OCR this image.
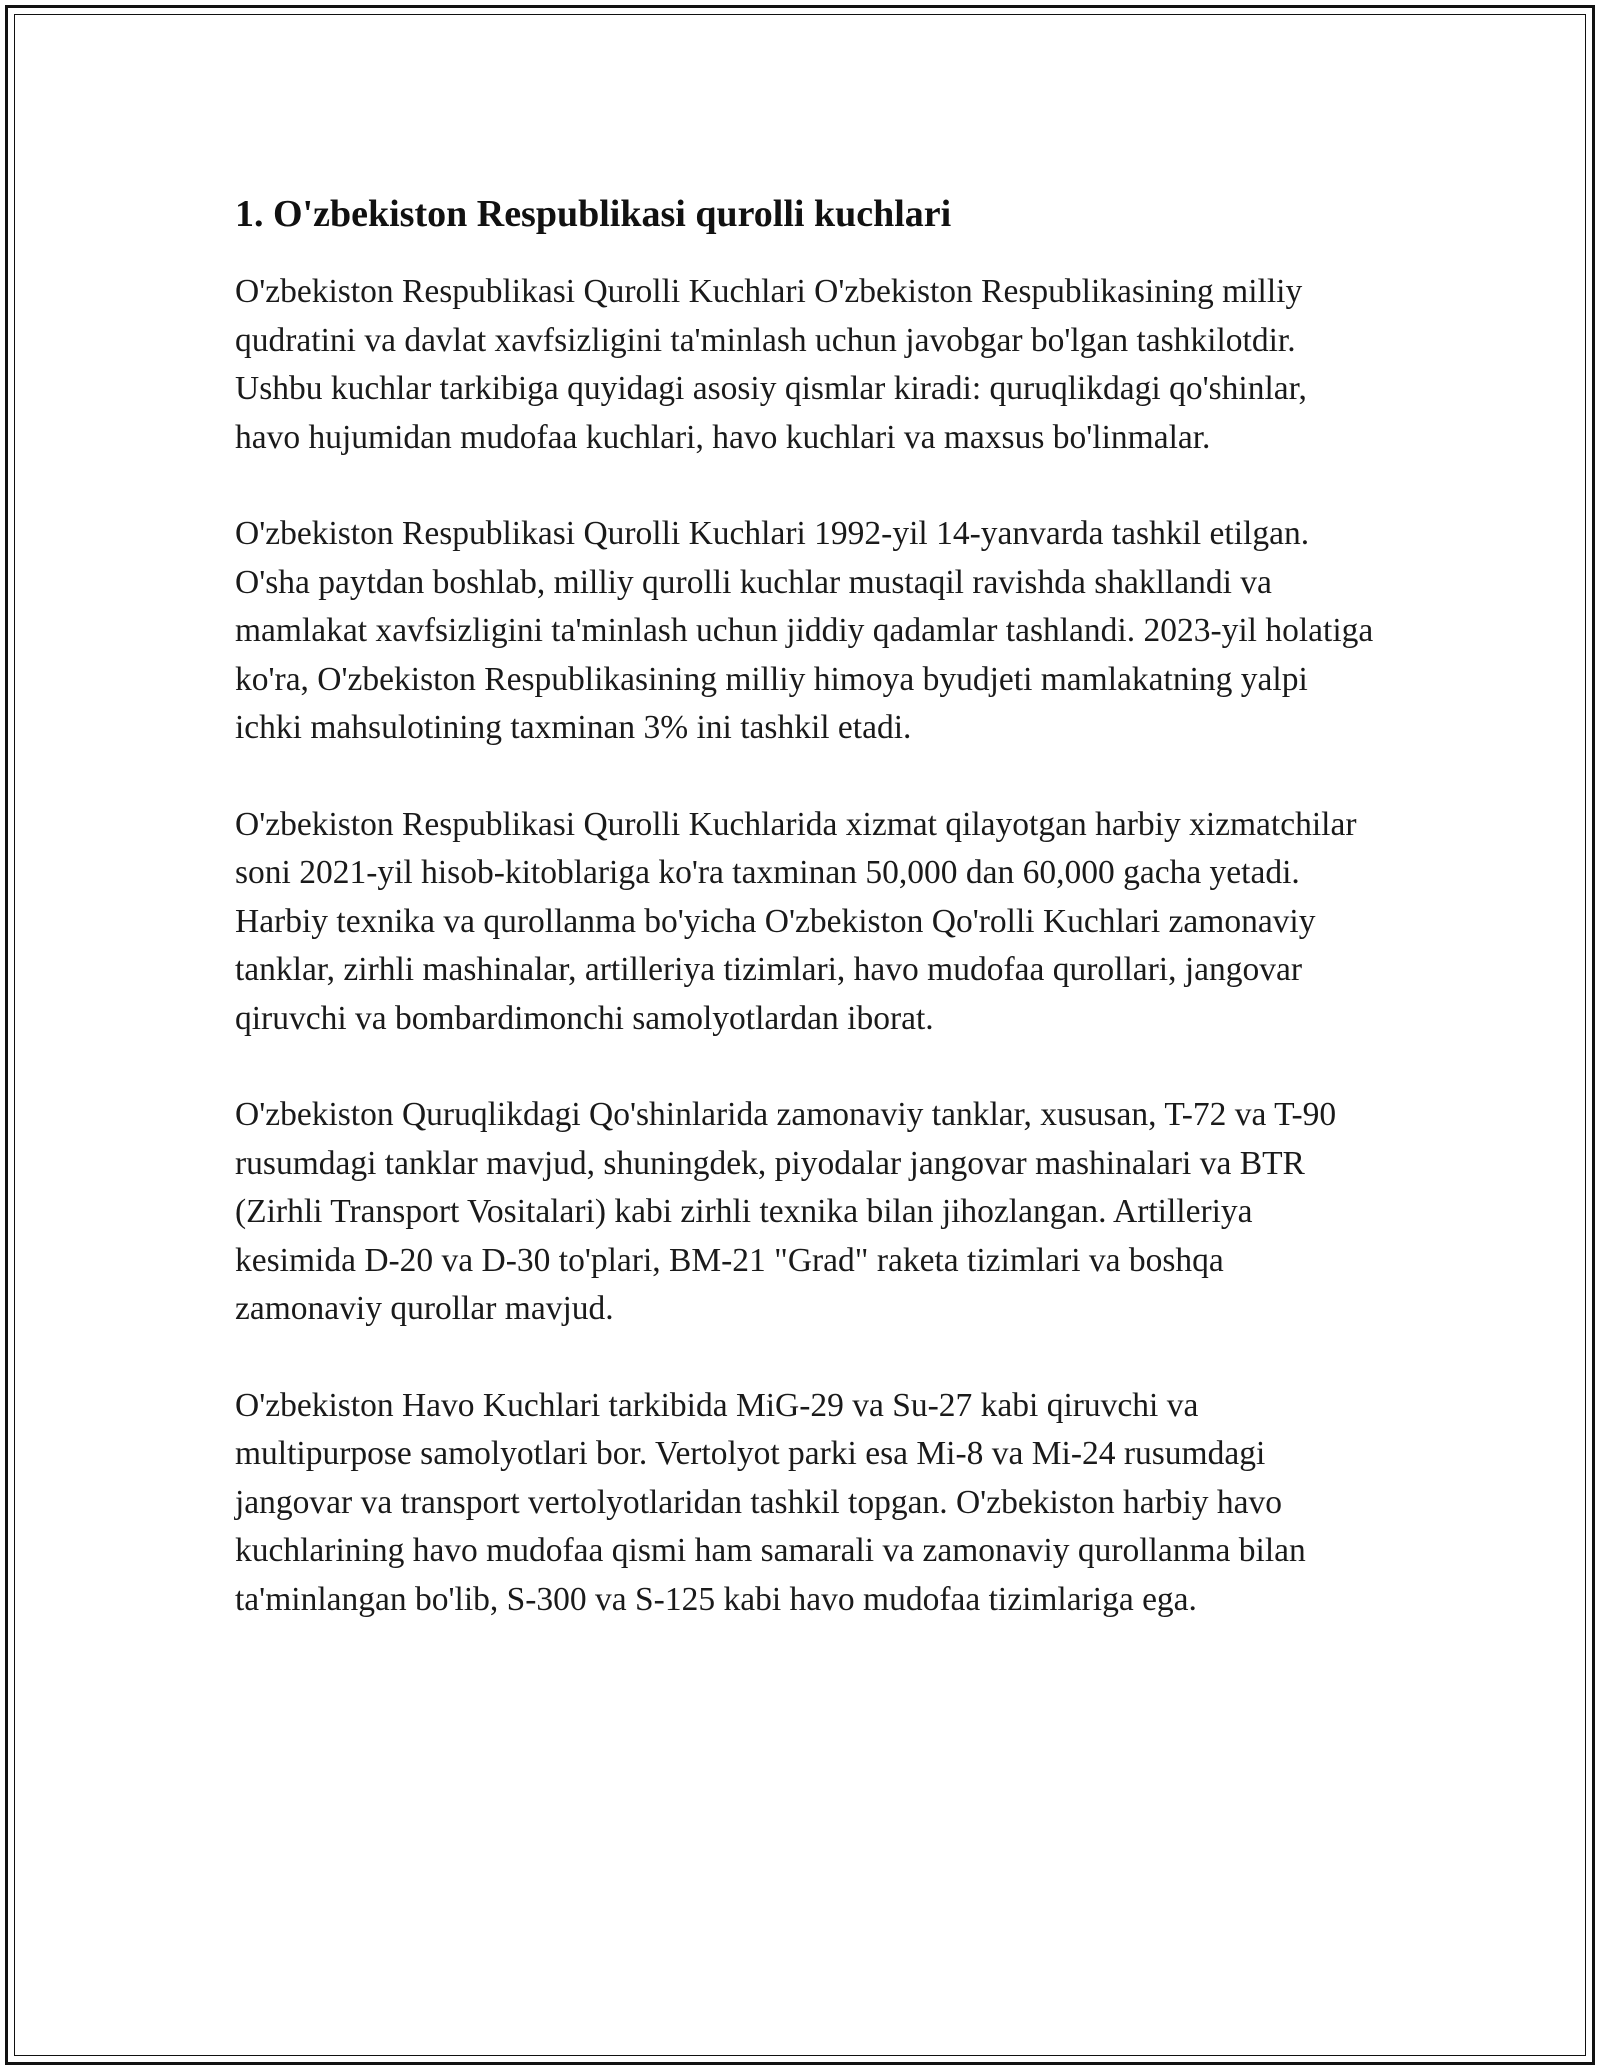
1. O'zbekiston Respublikasi qurolli kuchlari

O'zbekiston Respublikasi Qurolli Kuchlari O'zbekiston Respublikasining milliy qudratini va davlat xavfsizligini ta'minlash uchun javobgar bo'lgan tashkilotdir. Ushbu kuchlar tarkibiga quyidagi asosiy qismlar kiradi: quruqlikdagi qo'shinlar, havo hujumidan mudofaa kuchlari, havo kuchlari va maxsus bo'linmalar.

O'zbekiston Respublikasi Qurolli Kuchlari 1992-yil 14-yanvarda tashkil etilgan. O'sha paytdan boshlab, milliy qurolli kuchlar mustaqil ravishda shakllandi va mamlakat xavfsizligini ta'minlash uchun jiddiy qadamlar tashlandi. 2023-yil holatiga ko'ra, O'zbekiston Respublikasining milliy himoya byudjeti mamlakatning yalpi ichki mahsulotining taxminan 3% ini tashkil etadi.

O'zbekiston Respublikasi Qurolli Kuchlarida xizmat qilayotgan harbiy xizmatchilar soni 2021-yil hisob-kitoblariga ko'ra taxminan 50,000 dan 60,000 gacha yetadi. Harbiy texnika va qurollanma bo'yicha O'zbekiston Qo'rolli Kuchlari zamonaviy tanklar, zirhli mashinalar, artilleriya tizimlari, havo mudofaa qurollari, jangovar qiruvchi va bombardimonchi samolyotlardan iborat.

O'zbekiston Quruqlikdagi Qo'shinlarida zamonaviy tanklar, xususan, T-72 va T-90 rusumdagi tanklar mavjud, shuningdek, piyodalar jangovar mashinalari va BTR (Zirhli Transport Vositalari) kabi zirhli texnika bilan jihozlangan. Artilleriya kesimida D-20 va D-30 to'plari, BM-21 "Grad" raketa tizimlari va boshqa zamonaviy qurollar mavjud.

O'zbekiston Havo Kuchlari tarkibida MiG-29 va Su-27 kabi qiruvchi va multipurpose samolyotlari bor. Vertolyot parki esa Mi-8 va Mi-24 rusumdagi jangovar va transport vertolyotlaridan tashkil topgan. O'zbekiston harbiy havo kuchlarining havo mudofaa qismi ham samarali va zamonaviy qurollanma bilan ta'minlangan bo'lib, S-300 va S-125 kabi havo mudofaa tizimlariga ega.
